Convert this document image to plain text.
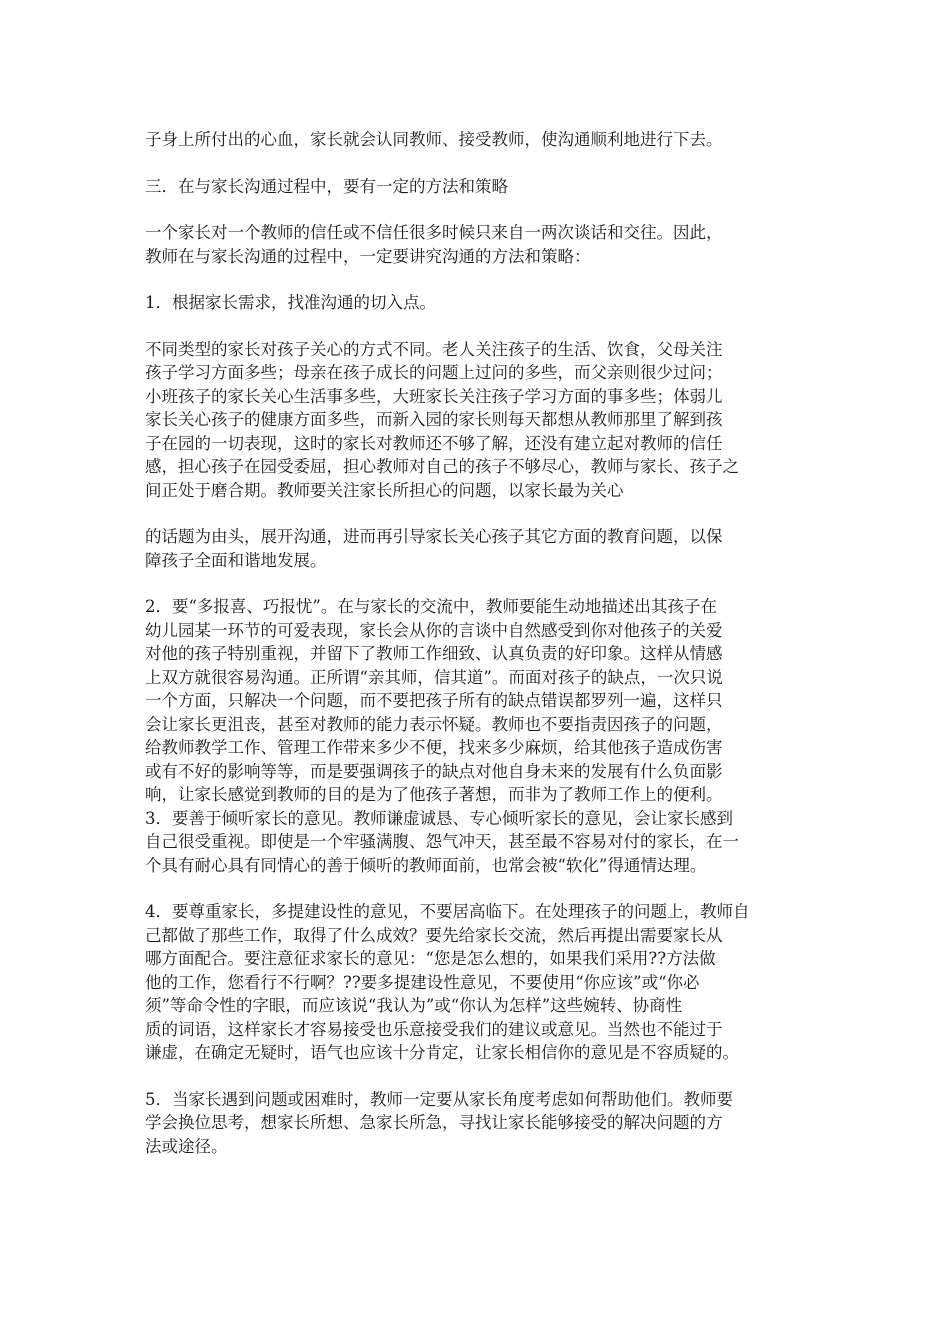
子身上所付出的心血，家长就会认同教师、接受教师，使沟通顺利地进行下去。
三．在与家长沟通过程中，要有一定的方法和策略
一个家长对一个教师的信任或不信任很多时候只来自一两次谈话和交往。因此，
教师在与家长沟通的过程中，一定要讲究沟通的方法和策略：
1．根据家长需求，找准沟通的切入点。
不同类型的家长对孩子关心的方式不同。老人关注孩子的生活、饮食，父母关注
孩子学习方面多些；母亲在孩子成长的问题上过问的多些，而父亲则很少过问；
小班孩子的家长关心生活事多些，大班家长关注孩子学习方面的事多些；体弱儿
家长关心孩子的健康方面多些，而新入园的家长则每天都想从教师那里了解到孩
子在园的一切表现，这时的家长对教师还不够了解，还没有建立起对教师的信任
感，担心孩子在园受委屈，担心教师对自己的孩子不够尽心，教师与家长、孩子之
间正处于磨合期。教师要关注家长所担心的问题，以家长最为关心
的话题为由头，展开沟通，进而再引导家长关心孩子其它方面的教育问题，以保
障孩子全面和谐地发展。
2．要“多报喜、巧报忧”。在与家长的交流中，教师要能生动地描述出其孩子在
幼儿园某一环节的可爱表现，家长会从你的言谈中自然感受到你对他孩子的关爱
对他的孩子特别重视，并留下了教师工作细致、认真负责的好印象。这样从情感
上双方就很容易沟通。正所谓“亲其师，信其道”。而面对孩子的缺点，一次只说
一个方面，只解决一个问题，而不要把孩子所有的缺点错误都罗列一遍，这样只
会让家长更沮丧，甚至对教师的能力表示怀疑。教师也不要指责因孩子的问题，
给教师教学工作、管理工作带来多少不便，找来多少麻烦，给其他孩子造成伤害
或有不好的影响等等，而是要强调孩子的缺点对他自身未来的发展有什么负面影
响，让家长感觉到教师的目的是为了他孩子著想，而非为了教师工作上的便利。
3．要善于倾听家长的意见。教师谦虚诚恳、专心倾听家长的意见，会让家长感到
自己很受重视。即使是一个牢骚满腹、怨气冲天，甚至最不容易对付的家长，在一
个具有耐心具有同情心的善于倾听的教师面前，也常会被“软化”得通情达理。
4．要尊重家长，多提建设性的意见，不要居高临下。在处理孩子的问题上，教师自
己都做了那些工作，取得了什么成效？要先给家长交流，然后再提出需要家长从
哪方面配合。要注意征求家长的意见：“您是怎么想的，如果我们采用??方法做
他的工作，您看行不行啊？??要多提建设性意见，不要使用“你应该”或“你必
须”等命令性的字眼，而应该说“我认为”或“你认为怎样”这些婉转、协商性
质的词语，这样家长才容易接受也乐意接受我们的建议或意见。当然也不能过于
谦虚，在确定无疑时，语气也应该十分肯定，让家长相信你的意见是不容质疑的。
5．当家长遇到问题或困难时，教师一定要从家长角度考虑如何帮助他们。教师要
学会换位思考，想家长所想、急家长所急，寻找让家长能够接受的解决问题的方
法或途径。
